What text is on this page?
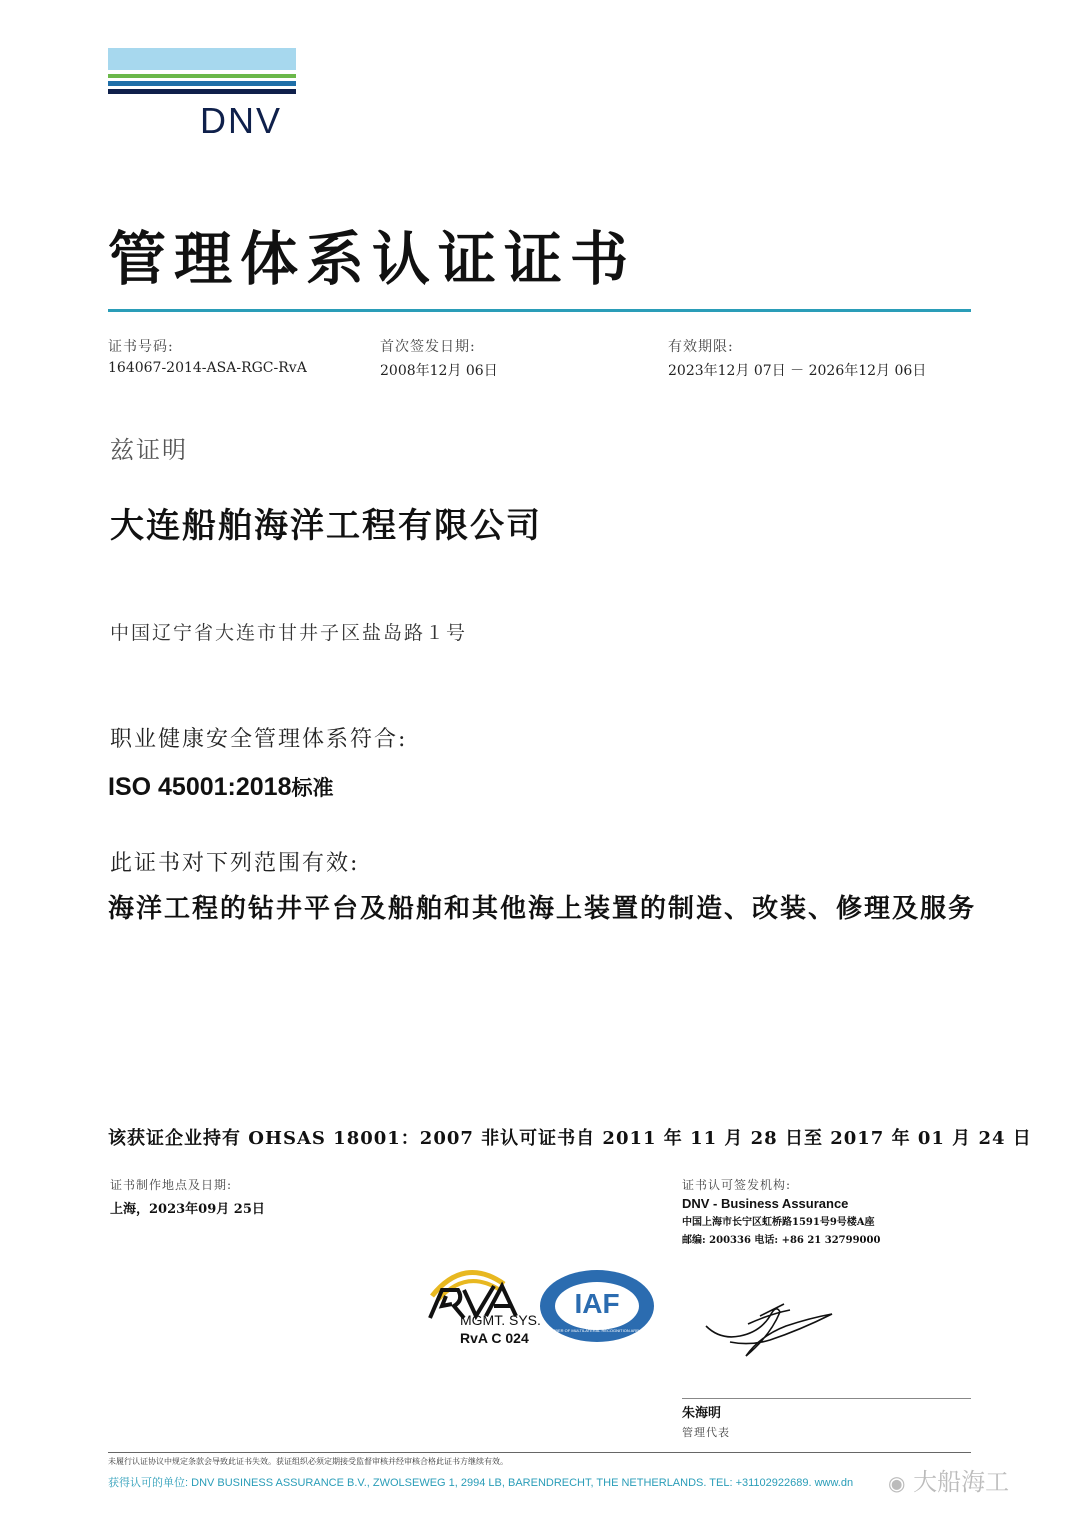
DNV
管理体系认证证书
证书号码:
164067-2014-ASA-RGC-RvA
首次签发日期:
2008年12月 06日
有效期限:
2023年12月 07日 － 2026年12月 06日
兹证明
大连船舶海洋工程有限公司
中国辽宁省大连市甘井子区盐岛路１号
职业健康安全管理体系符合:
ISO 45001:2018标准
此证书对下列范围有效:
海洋工程的钻井平台及船舶和其他海上装置的制造、改装、修理及服务
该获证企业持有 OHSAS 18001：2007 非认可证书自 2011 年 11 月 28 日至 2017 年 01 月 24 日
证书制作地点及日期:
上海，2023年09月 25日
证书认可签发机构:
DNV - Business Assurance
中国上海市长宁区虹桥路1591号9号楼A座
邮编: 200336 电话: +86 21 32799000
MGMT. SYS.
RvA C 024
IAF
MEMBER OF MULTILATERAL RECOGNITION ARRANGEMENT
朱海明
管理代表
未履行认证协议中规定条款会导致此证书失效。获证组织必须定期接受监督审核并经审核合格此证书方继续有效。
获得认可的单位: DNV BUSINESS ASSURANCE B.V., ZWOLSEWEG 1, 2994 LB, BARENDRECHT, THE NETHERLANDS. TEL: +31102922689. www.dn ◉ 大船海工
